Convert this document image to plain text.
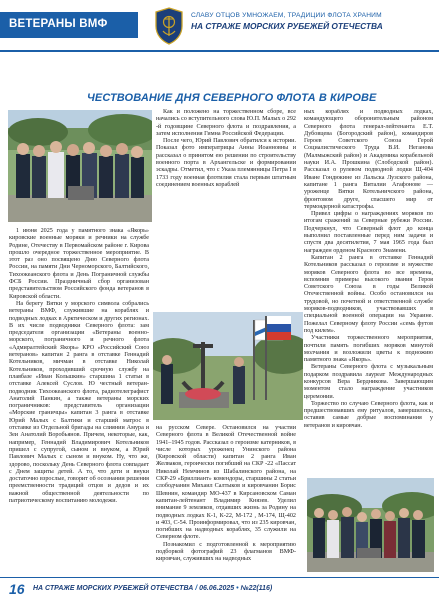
ВЕТЕРАНЫ ВМФ
СЛАВУ ОТЦОВ УМНОЖАЕМ, ТРАДИЦИИ ФЛОТА ХРАНИМ
НА СТРАЖЕ МОРСКИХ РУБЕЖЕЙ ОТЕЧЕСТВА
ЧЕСТВОВАНИЕ ДНЯ СЕВЕРНОГО ФЛОТА В КИРОВЕ

1 июня 2025 года у памятного знака «Якорь» кировские военные моряки и речники на службе Родине, Отечеству в Первомайском районе г. Кирова прошло очередное торжественное мероприятие. В этот раз оно посвящено Дню Северного флота России, на памяти Дни Черноморского, Балтийского, Тихоокеанского флота и День Пограничной службы ФСБ России. Праздничный сбор организован представительством Российского фонда ветеранов в Кировской области.

На берегу Вятки у морского символа собрались ветераны ВМФ, служившие на кораблях и подводных лодках в Арктическом и других регионах. В их числе подводники Северного флота: зам председателя организации «Ветераны военно-морского, пограничного и речного флота «Адмиралтейский Якорь» КРО «Российский Союз ветеранов» капитан 2 ранга в отставке Геннадий Котельников, мичман в отставке Николай Котельников, проходивший срочную службу на плавбазе «Иван Кольшкин» старшина 1 статьи в отставке Алексей Суслов. Ю честный ветеран-подводник Тихоокеанского флота, радиотелеграфист Анатолий Панкин, а также ветераны морских пограничников: представитель организации «Морские граничцы» капитан 3 ранга в отставке Юрий Малых с Балтики и старший матрос в отставке из Отдельной бригады на слиянии Амура и Зеи Анатолий Воробьянов. Причем, некоторые, как, например, Геннадий Владимирович Котельников пришел с супругой, сыном и внуком, а Юрий Павлович Малых с сыном и внуком. Ну, что же, здорово, поскольку День Северного флота совпадает с Днем защиты детей. А то, что дети и внуки достаточно взрослые, говорит об осознании решения преемственности традиций отцов и дедов и их важной общественной деятельности по патриотическому воспитанию молодежи.

Как и положено на торжественном сборе, все начались со вступительного слова Ю.П. Малых о 292 -й годовщине Северного флота и поздравления, а затем исполнения Гимна Российской Федерации.

После чего, Юрий Павлович обратился к истории. Показал фото императрицы Анны Иоанновны и рассказал о принятом ею решении по строительству военного порта в Архангельске и формировании эскадры. Отметил, что с Указа племянницы Петра I в 1733 году военная флотилия стала первым штатным соединением военных кораблей

на русском Севере. Остановился на участии Северного флота в Великой Отечественной войне 1941–1945 годов. Рассказал о героизме катерников, в числе которых уроженец Унинского района (Кировской области) капитан 2 ранга Иван Желваков, героически погибший на СКР -22 «Пассат Николай Немчинов из Шабалинского района, на СКР-29 «Бриллиант» комендоры, старшины 2 статьи слободчанин Михаил Салтыков и кировчанин Борис Шевнин, командир МО-437 в Кирсановском Саман капитан-лейтенант Владимир Князев. Уделил внимание 9 земляков, отдавших жизнь за Родину на подводных лодках К-1, К-22, М-172 , М-174, Щ-402 и 403, С-54. Проинформировал, что из 235 кировчан, погибших на надводных кораблях, 35 служили на Северном флоте.

Познакомил с подготовленной к мероприятию подборкой фотографий 23 флагманов ВМФ-кировчан, служивших на надводных

ных кораблях и подводных лодках, командующего оборонительным районом Северного флота генерал-лейтенанта Е.Т. Дубовцева (Богородский район), командиров Героев Советского Союза Герой Социалистического Труда В.И. Неганова (Малмыжский район) и Академика корабельной науки И.А. Прошкина (Слободской район). Рассказал о рулевом подводной лодки Щ-404 Иване Гондюкине из Лальска Лузского района, капитане 1 ранга Виталии Агафонове — уроженце Вятки Котельничского района, фронтовом друге, спасшего мир от термоядерной катастрофы.

Привел цифры о награждениях моряков по итогам сражений за Северные рубежи России. Подчеркнул, что Северный флот до конца выполнил поставленные перед ним задачи и спустя два десятилетия, 7 мая 1965 года был награжден орденом Красного Знамени.

Капитан 2 ранга в отставке Геннадий Котельников рассказал о героизме и мужестве моряков Северного флота во все времена, вспомнив примеры высокого звания Героя Советского Союза в годы Великой Отечественной войны. Особо остановился на трудовой, но почетной и ответственной службе моряков-подводников, участвовавших в специальной военной операции на Украине. Пожелал Северному флоту России «семь футов под килем».

Участники торжественного мероприятия, почтили память погибших моряков минутой молчания и возложили цветы к подножию памятного знака «Якорь».

Ветераны Северного флота с музыкальным подарком поздравила лауреат Международных конкурсов Вера Бердникова. Завершающим моментом стало награждение участников церемонии.

Торжество по случаю Северного флота, как и предшествовавших ему ритуалов, завершилось, оставив самые добрые воспоминания у ветеранов и кировчан.

16 НА СТРАЖЕ МОРСКИХ РУБЕЖЕЙ ОТЕЧЕСТВА / 06.06.2025 • №22(116)
